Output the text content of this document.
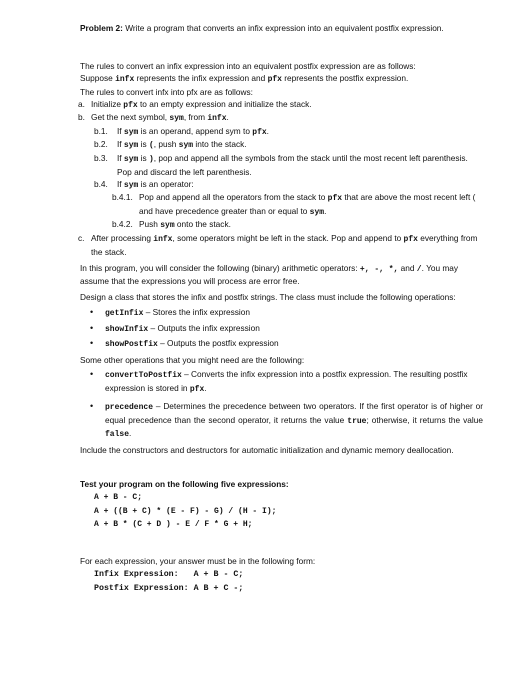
Problem 2:
Write a program that converts an infix expression into an equivalent postfix expression.

The rules to convert an infix expression into an equivalent postfix expression are as follows:

Suppose infx represents the infix expression and pfx represents the postfix expression.

The rules to convert infx into pfx are as follows:

a. Initialize pfx to an empty expression and initialize the stack.
b. Get the next symbol, sym, from infx.
b.1.	If sym is an operand, append sym to pfx.
b.2.	If sym is (, push sym into the stack.
b.3.	If sym is ), pop and append all the symbols from the stack until the most recent left parenthesis. Pop and discard the left parenthesis.
b.4.	If sym is an operator:
b.4.1. Pop and append all the operators from the stack to pfx that are above the most recent left ( and have precedence greater than or equal to sym.
b.4.2. Push sym onto the stack.
c. After processing infx, some operators might be left in the stack. Pop and append to pfx everything from the stack.

In this program, you will consider the following (binary) arithmetic operators: +, -, *, and /. You may assume that the expressions you will process are error free.

Design a class that stores the infix and postfix strings. The class must include the following operations:

•	getInfix – Stores the infix expression
•	showInfix – Outputs the infix expression
•	showPostfix – Outputs the postfix expression

Some other operations that you might need are the following:

•	convertToPostfix – Converts the infix expression into a postfix expression. The resulting postfix expression is stored in pfx.
•	precedence – Determines the precedence between two operators. If the first operator is of higher or equal precedence than the second operator, it returns the value true; otherwise, it returns the value false.

Include the constructors and destructors for automatic initialization and dynamic memory deallocation.

Test your program on the following five expressions:

A + B - C;
A + ((B + C) * (E - F) - G) / (H - I);
A + B * (C + D ) - E / F * G + H;

For each expression, your answer must be in the following form:

Infix Expression: A + B - C;
Postfix Expression: A B + C -;
